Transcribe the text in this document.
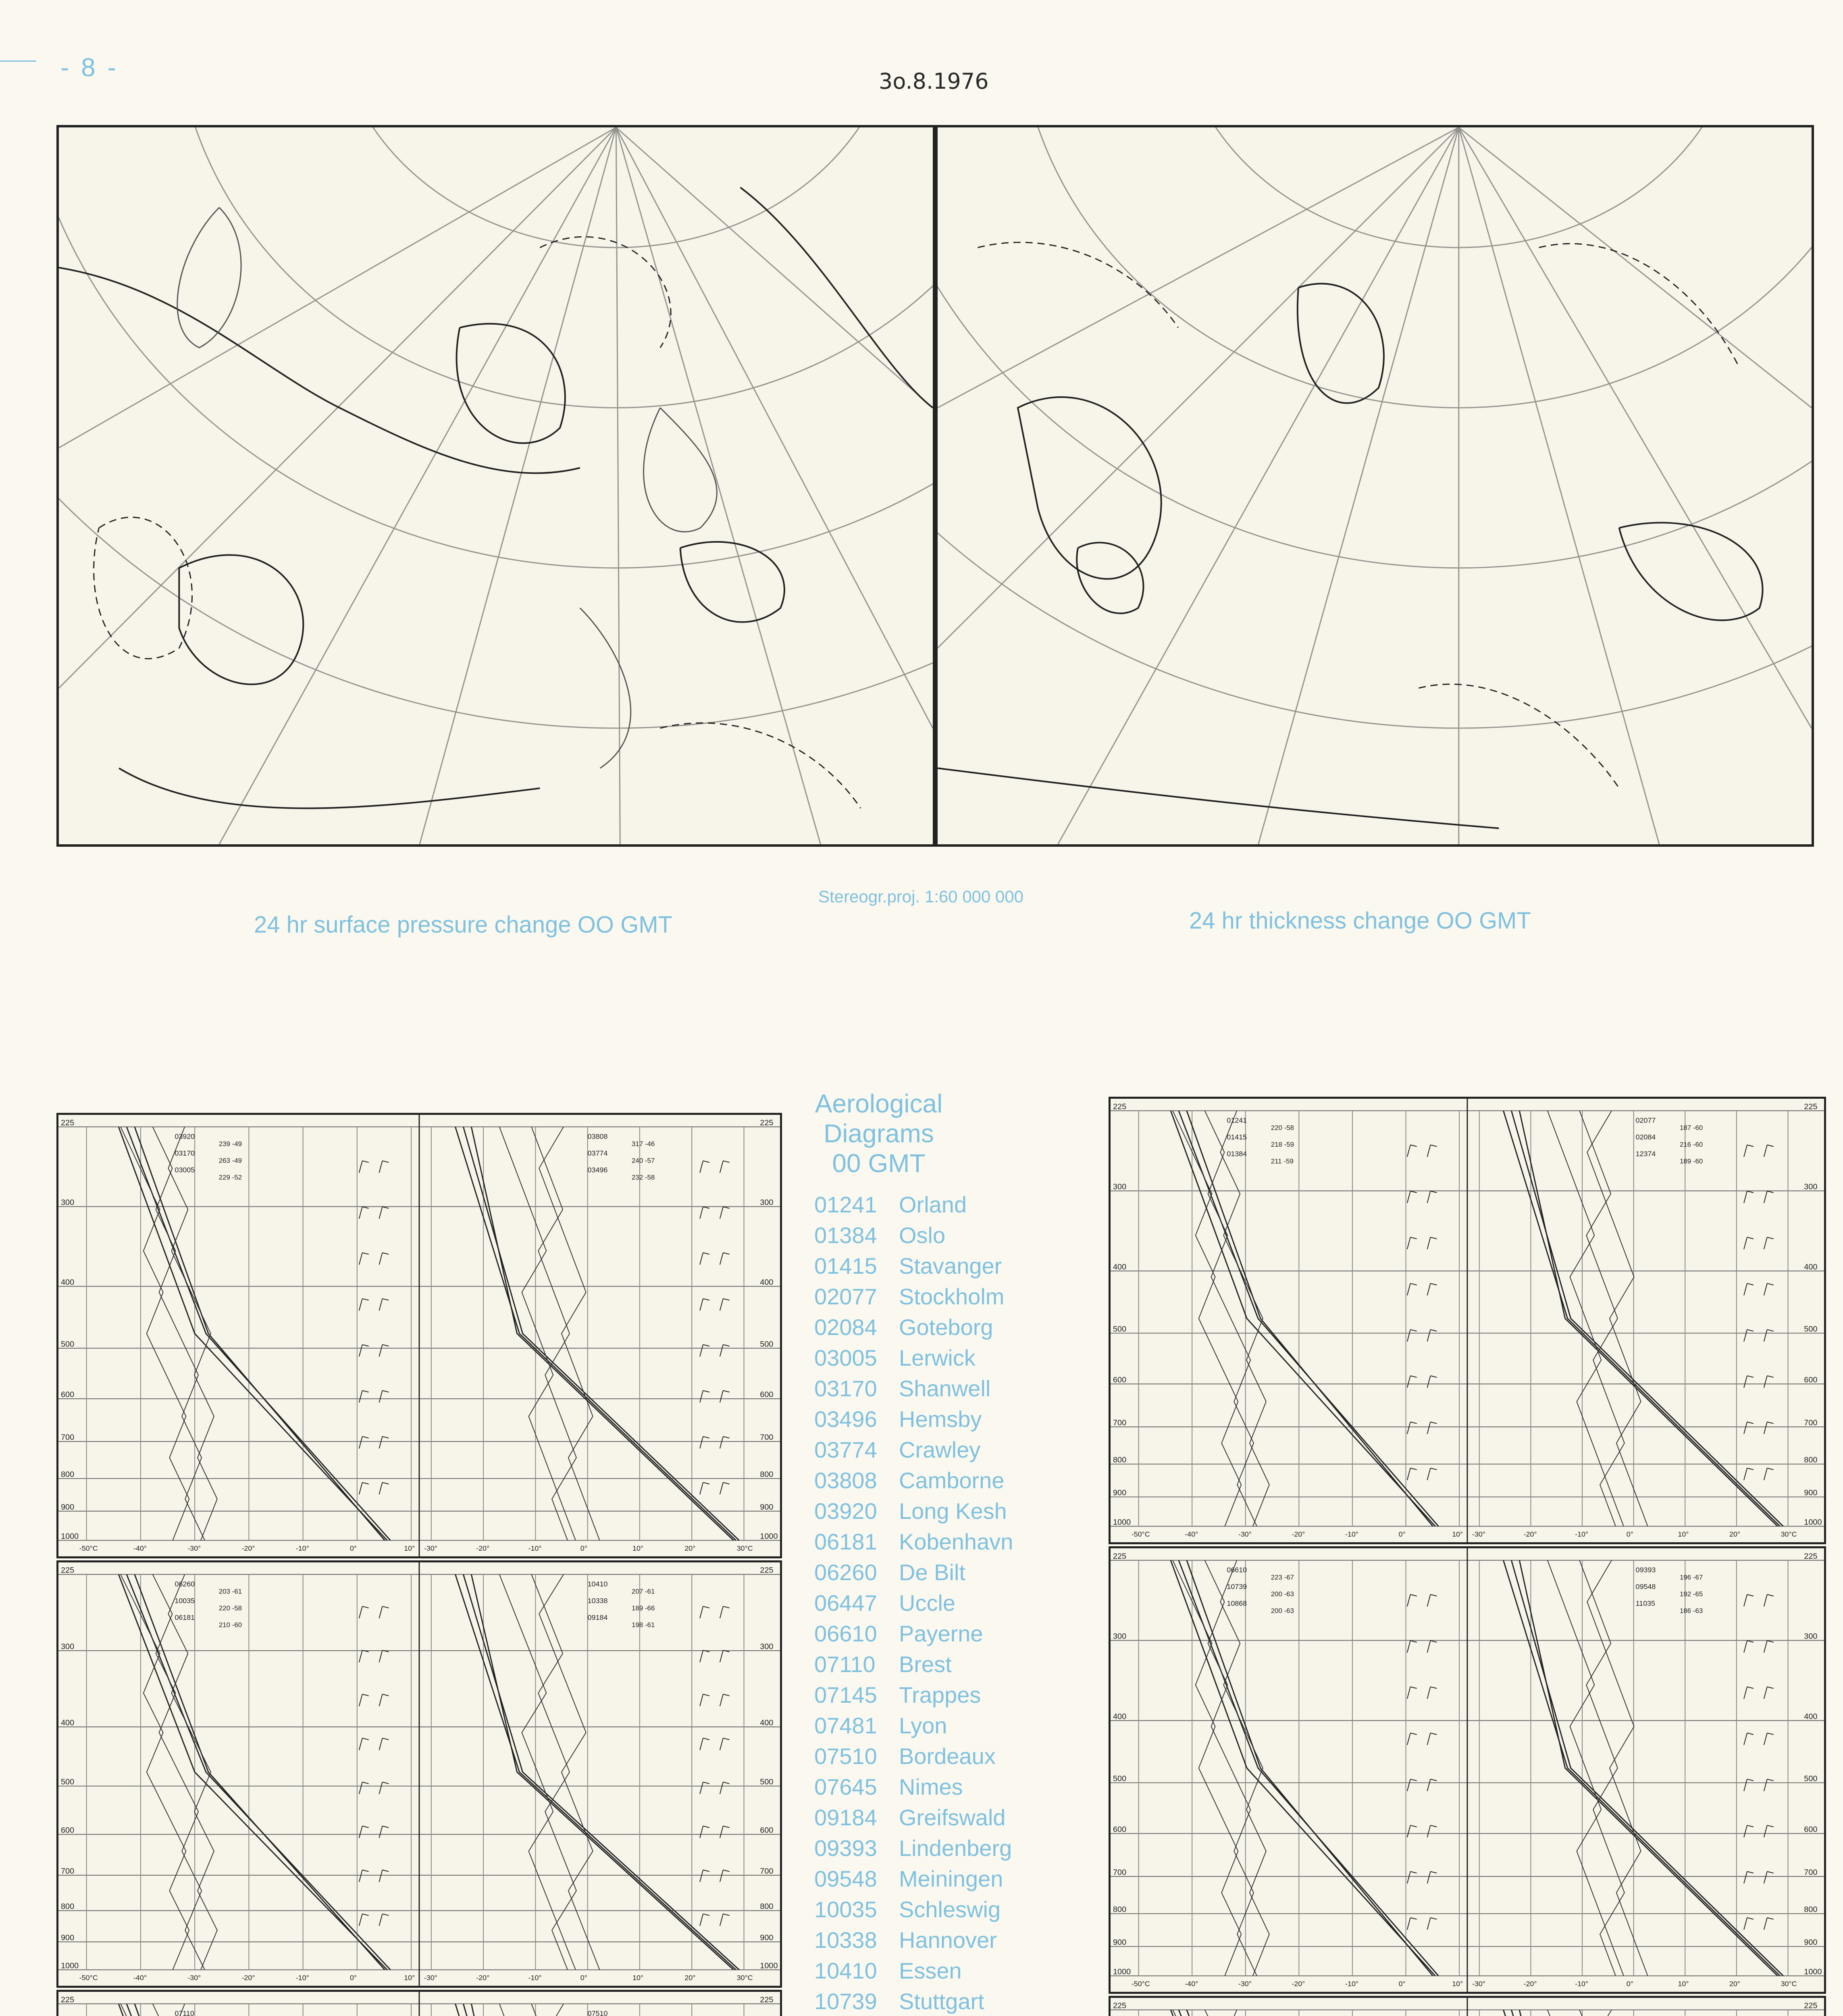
- 8 -	3o.8.1976
24 hr surface pressure change OO GMT
Stereogr.proj. 1:60 000 000
24 hr thickness change OO GMT
Aerological
Diagrams
00 GMT
01241 Orland
01384 Oslo
01415 Stavanger
02077 Stockholm
02084 Goteborg
03005 Lerwick
03170 Shanwell
03496 Hemsby
03774 Crawley
03808 Camborne
03920 Long Kesh
06181 Kobenhavn
06260 De Bilt
06447 Uccle
06610 Payerne
07110	Brest
07145 Trappes
07481 Lyon
07510 Bordeaux
07645 Nimes
09184 Greifswald
09393 Lindenberg
09548 Meiningen
10035 Schleswig
10338 Hannover
10410 Essen
10739 Stuttgart
225	225
300	300
400	400
500	500
600	600
700	700
800	800
900	900
1000	1000
-50°C	-30°
-40°	-20°
-30°	-10°
-20°	0°
-10°	10°
0°	20°
10°	30°C
03920
239 -49
03170
263 -49
03005
229 -52
03808
317 -46
03774
240 -57
03496
232 -58
225	225
300	300
400	400
500	500
600	600
700	700
800	800
900	900
1000	1000
-50°C	-30°
-40°	-20°
-30°	-10°
-20°	0°
-10°	10°
0°	20°
10°	30°C
06260
203 -61
10035
220 -58
06181
210 -60
10410
207 -61
10338
189 -66
09184
198 -61
225	225
07110	07510
225	225
300	300
400	400
500	500
600	600
700	700
800	800
900	900
1000	1000
-50°C	-30°
-40°	-20°
-30°	-10°
-20°	0°
-10°	10°
0°	20°
10°	30°C
01241
220 -58
01415
218 -59
01384
211 -59
02077
187 -60
02084
216 -60
12374
189 -60
225	225
300	300
400	400
500	500
600	600
700	700
800	800
900	900
1000	1000
-50°C	-30°
-40°	-20°
-30°	-10°
-20°	0°
-10°	10°
0°	20°
10°	30°C
06610
223 -67
10739
200 -63
10868
200 -63
09393
196 -67
09548
192 -65
11035
186 -63
225	225
